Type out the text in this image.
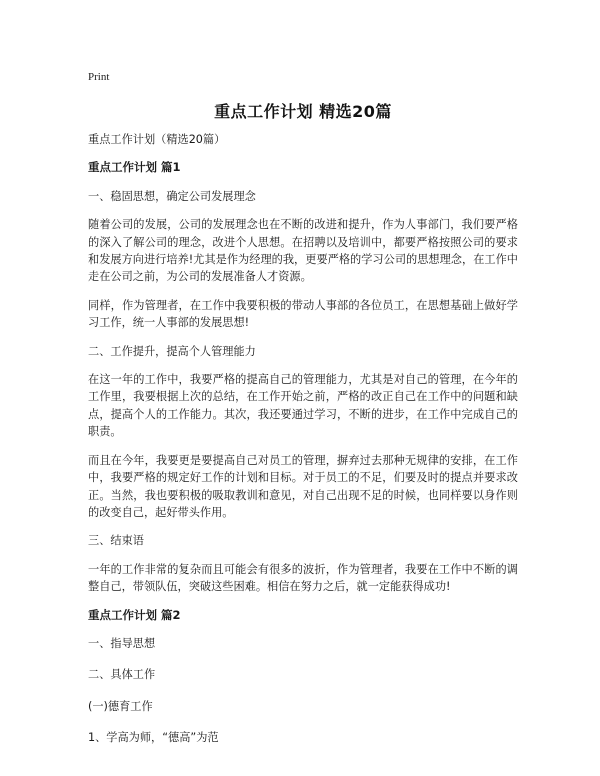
Print
重点工作计划 精选20篇

重点工作计划（精选20篇）

重点工作计划 篇1

一、稳固思想，确定公司发展理念

随着公司的发展，公司的发展理念也在不断的改进和提升，作为人事部门，我们要严格的深入了解公司的理念，改进个人思想。在招聘以及培训中，都要严格按照公司的要求和发展方向进行培养!尤其是作为经理的我，更要严格的学习公司的思想理念，在工作中走在公司之前，为公司的发展准备人才资源。

同样，作为管理者，在工作中我要积极的带动人事部的各位员工，在思想基础上做好学习工作，统一人事部的发展思想!

二、工作提升，提高个人管理能力

在这一年的工作中，我要严格的提高自己的管理能力，尤其是对自己的管理，在今年的工作里，我要根据上次的总结，在工作开始之前，严格的改正自己在工作中的问题和缺点，提高个人的工作能力。其次，我还要通过学习，不断的进步，在工作中完成自己的职责。

而且在今年，我要更是要提高自己对员工的管理，摒弃过去那种无规律的安排，在工作中，我要严格的规定好工作的计划和目标。对于员工的不足，们要及时的提点并要求改正。当然，我也要积极的吸取教训和意见，对自己出现不足的时候，也同样要以身作则的改变自己，起好带头作用。

三、结束语

一年的工作非常的复杂而且可能会有很多的波折，作为管理者，我要在工作中不断的调整自己，带领队伍，突破这些困难。相信在努力之后，就一定能获得成功!

重点工作计划 篇2

一、指导思想

二、具体工作

(一)德育工作

1、学高为师，“德高”为范
